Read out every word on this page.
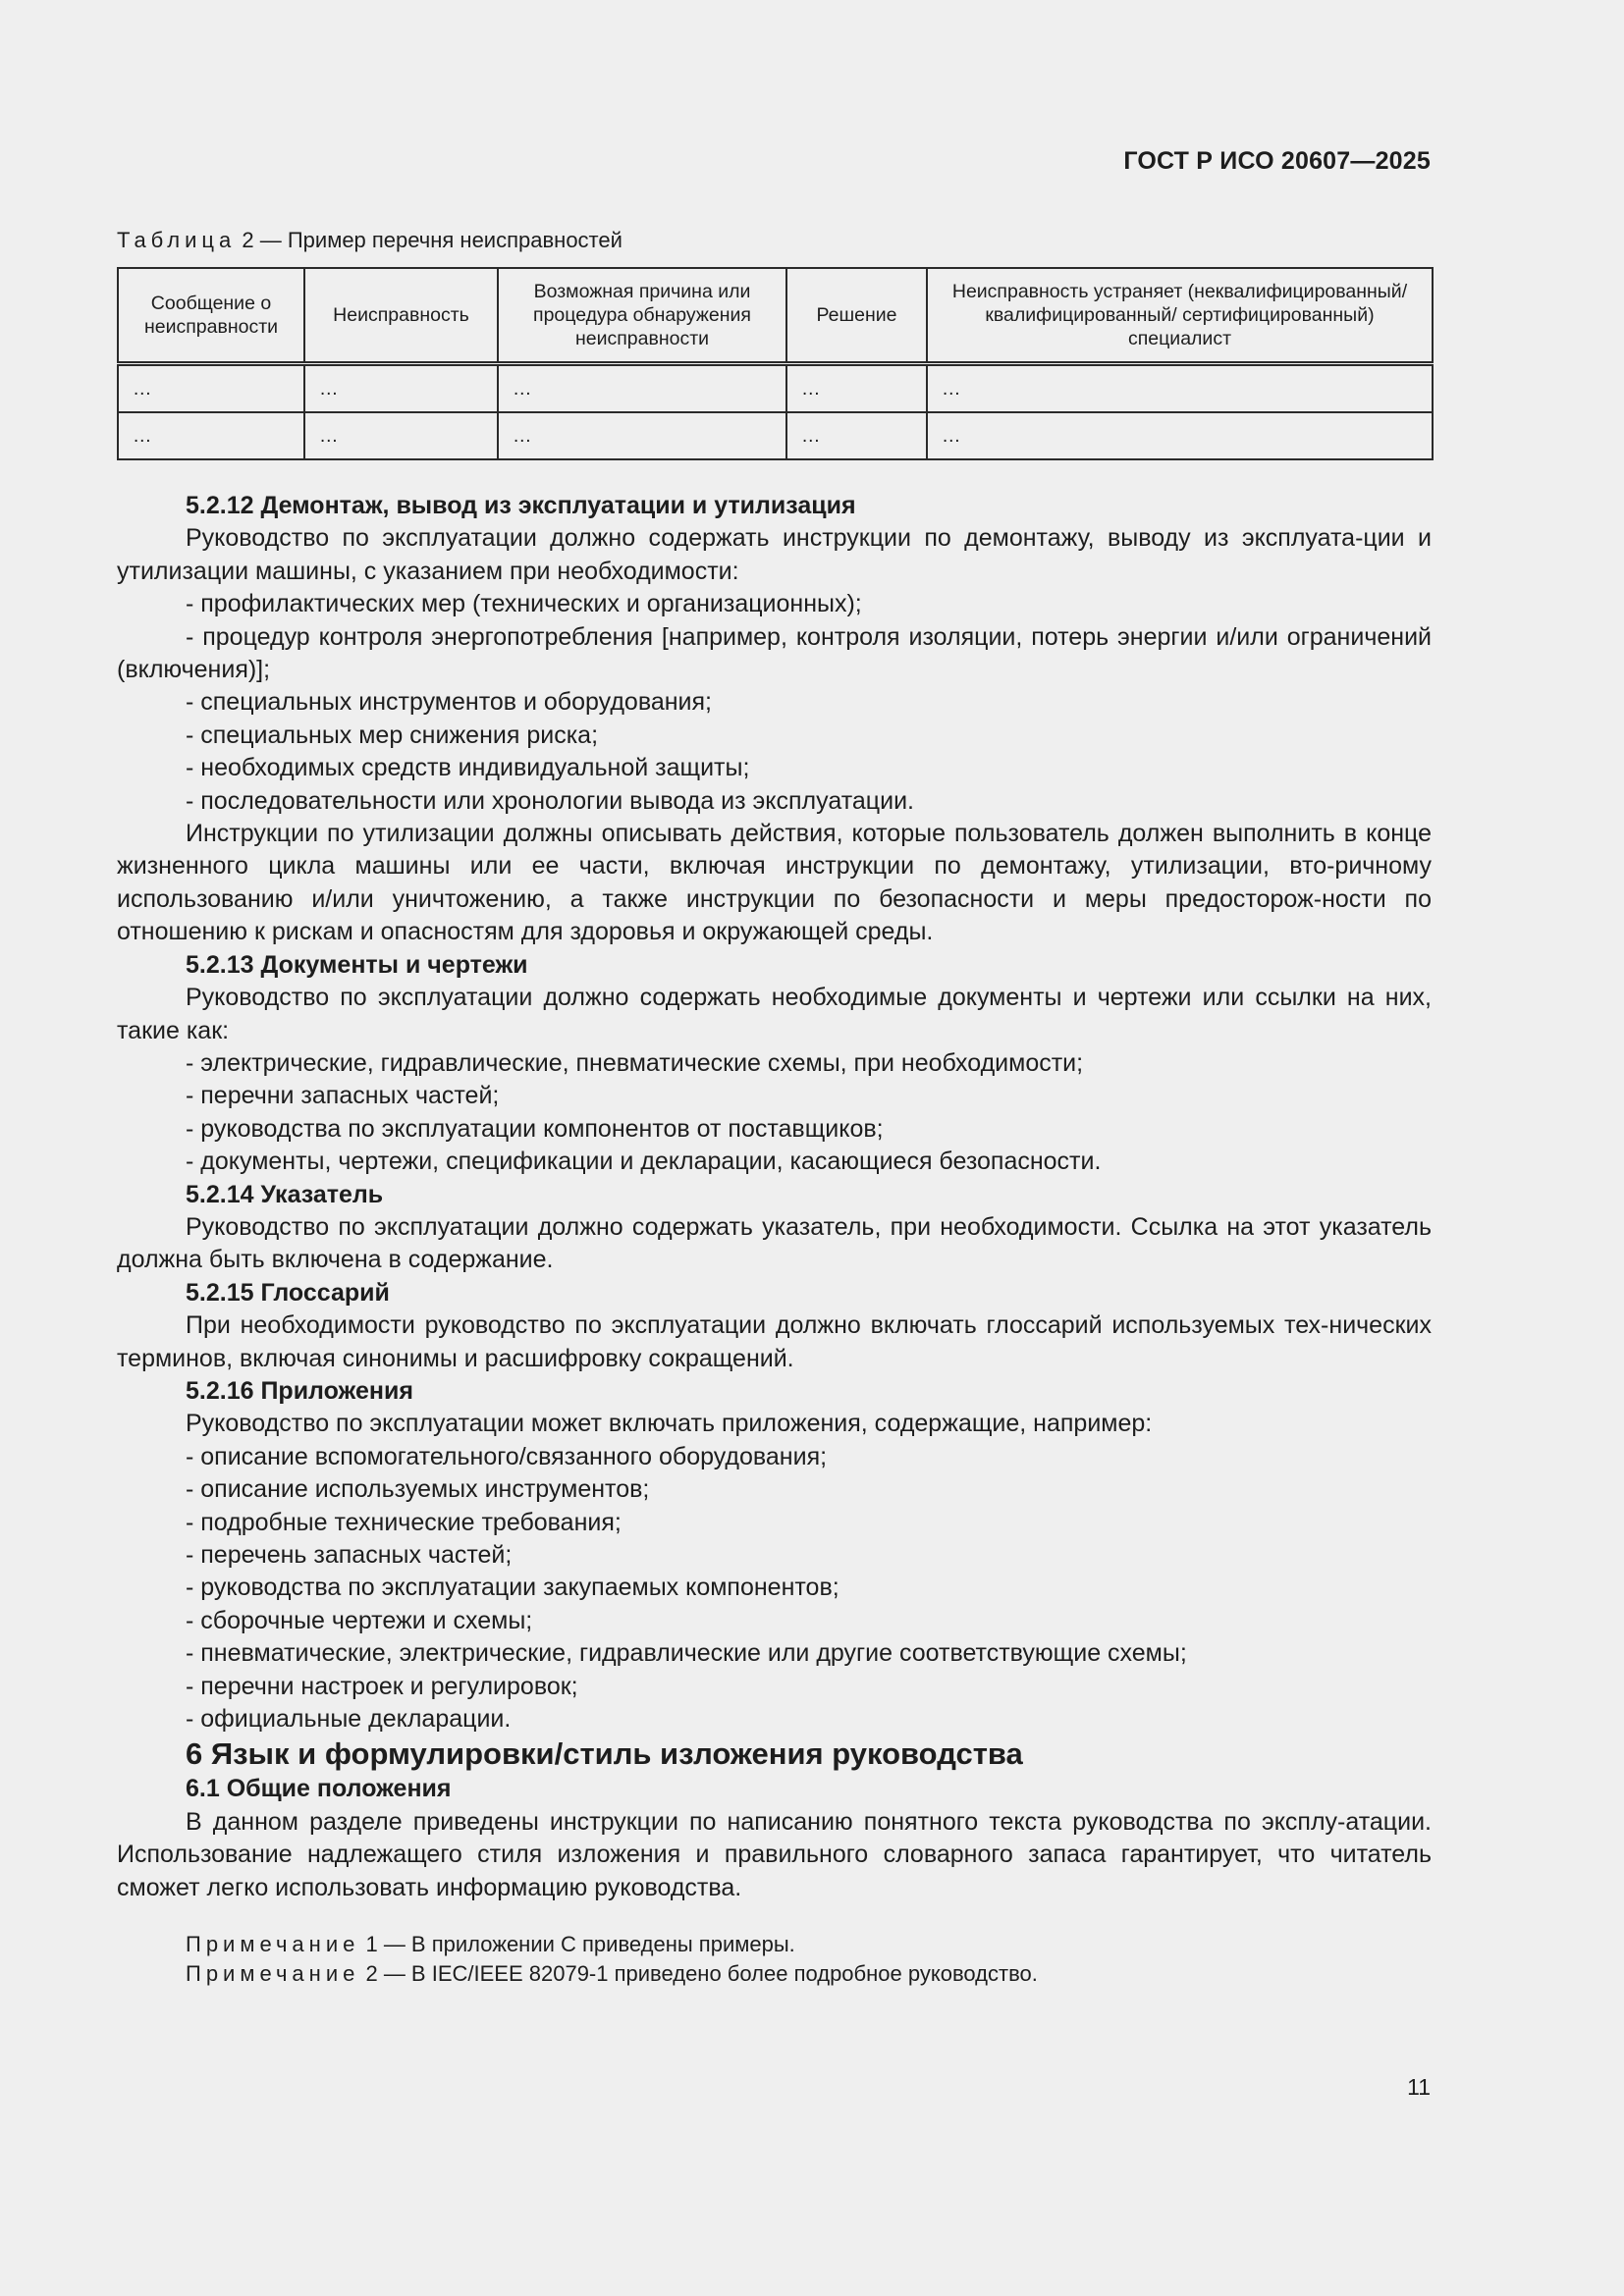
ГОСТ Р ИСО 20607—2025
Таблица 2 — Пример перечня неисправностей
Сообщение о неисправности	Неисправность	Возможная причина или процедура обнаружения неисправности	Решение	Неисправность устраняет (неквалифицированный/квалифицированный/ сертифицированный) специалист
…	…	…	…	…
…	…	…	…	…

5.2.12 Демонтаж, вывод из эксплуатации и утилизация

Руководство по эксплуатации должно содержать инструкции по демонтажу, выводу из эксплуата-ции и утилизации машины, с указанием при необходимости:

- профилактических мер (технических и организационных);

- процедур контроля энергопотребления [например, контроля изоляции, потерь энергии и/или ограничений (включения)];

- специальных инструментов и оборудования;

- специальных мер снижения риска;

- необходимых средств индивидуальной защиты;

- последовательности или хронологии вывода из эксплуатации.

Инструкции по утилизации должны описывать действия, которые пользователь должен выполнить в конце жизненного цикла машины или ее части, включая инструкции по демонтажу, утилизации, вто-ричному использованию и/или уничтожению, а также инструкции по безопасности и меры предосторож-ности по отношению к рискам и опасностям для здоровья и окружающей среды.

5.2.13 Документы и чертежи

Руководство по эксплуатации должно содержать необходимые документы и чертежи или ссылки на них, такие как:

- электрические, гидравлические, пневматические схемы, при необходимости;

- перечни запасных частей;

- руководства по эксплуатации компонентов от поставщиков;

- документы, чертежи, спецификации и декларации, касающиеся безопасности.

5.2.14 Указатель

Руководство по эксплуатации должно содержать указатель, при необходимости. Ссылка на этот указатель должна быть включена в содержание.

5.2.15 Глоссарий

При необходимости руководство по эксплуатации должно включать глоссарий используемых тех-нических терминов, включая синонимы и расшифровку сокращений.

5.2.16 Приложения

Руководство по эксплуатации может включать приложения, содержащие, например:

- описание вспомогательного/связанного оборудования;

- описание используемых инструментов;

- подробные технические требования;

- перечень запасных частей;

- руководства по эксплуатации закупаемых компонентов;

- сборочные чертежи и схемы;

- пневматические, электрические, гидравлические или другие соответствующие схемы;

- перечни настроек и регулировок;

- официальные декларации.

6 Язык и формулировки/стиль изложения руководства

6.1 Общие положения

В данном разделе приведены инструкции по написанию понятного текста руководства по эксплу-атации. Использование надлежащего стиля изложения и правильного словарного запаса гарантирует, что читатель сможет легко использовать информацию руководства.

Примечание 1 — В приложении С приведены примеры.

Примечание 2 — В IEC/IEEE 82079-1 приведено более подробное руководство.

11
